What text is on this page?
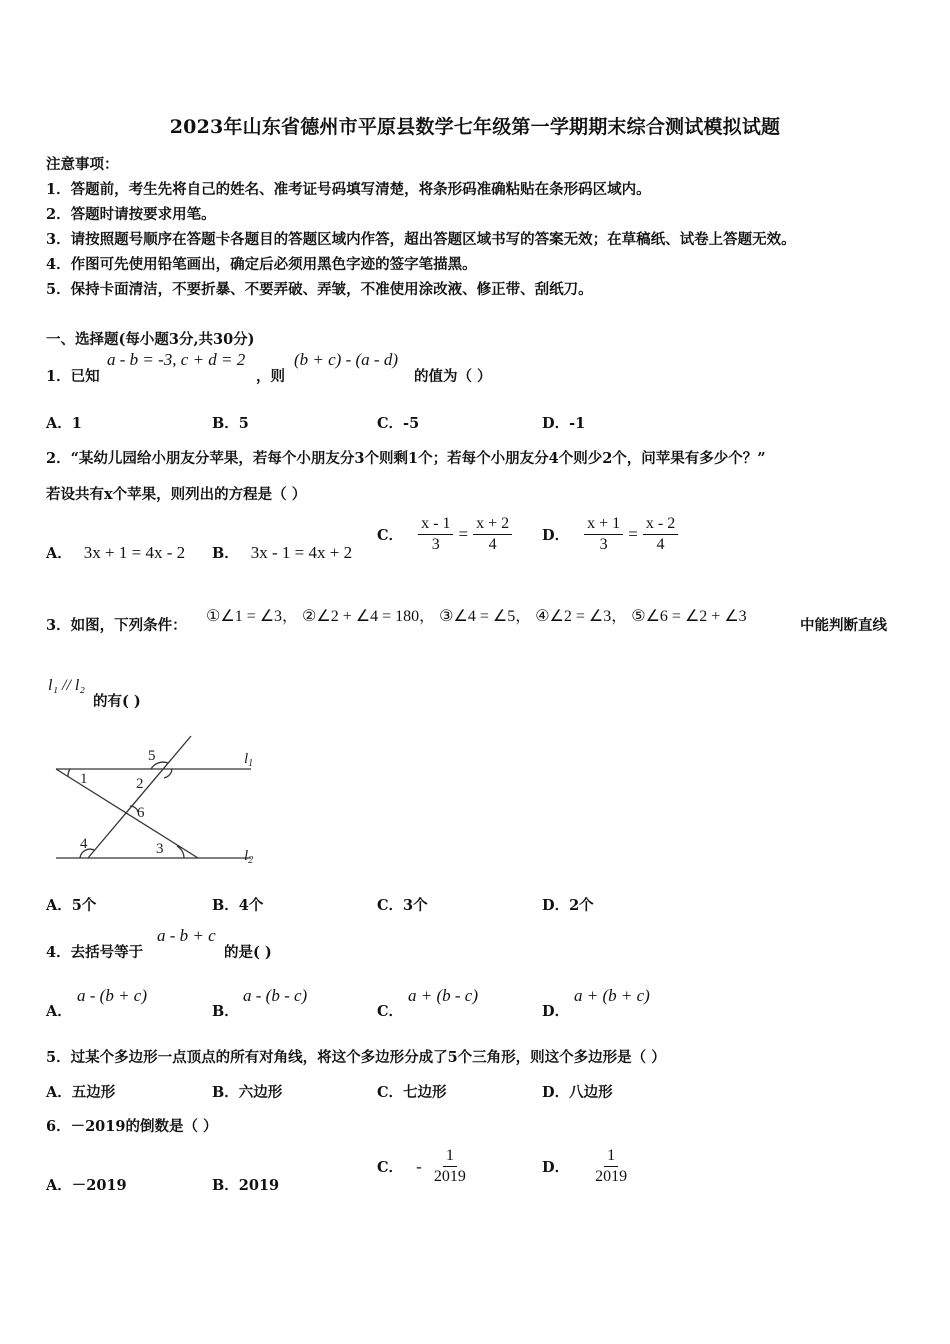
2023年山东省德州市平原县数学七年级第一学期期末综合测试模拟试题
注意事项：
1．答题前，考生先将自己的姓名、准考证号码填写清楚，将条形码准确粘贴在条形码区域内。
2．答题时请按要求用笔。
3．请按照题号顺序在答题卡各题目的答题区域内作答，超出答题区域书写的答案无效；在草稿纸、试卷上答题无效。
4．作图可先使用铅笔画出，确定后必须用黑色字迹的签字笔描黑。
5．保持卡面清洁，不要折暴、不要弄破、弄皱，不准使用涂改液、修正带、刮纸刀。
一、选择题(每小题3分,共30分)
1．已知
a - b = -3, c + d = 2
，则
(b + c) - (a - d)
的值为（ ）
A．1	B．5	C．-5	D．-1
2．“某幼儿园给小朋友分苹果，若每个小朋友分3个则剩1个；若每个小朋友分4个则少2个，问苹果有多少个？”
若设共有x个苹果，则列出的方程是（ ）
A． 3x + 1 = 4x - 2 B． 3x - 1 = 4x + 2
C． $\frac{x - 1}{3} = \frac{x + 2}{4}$ D． $\frac{x + 1}{3} = \frac{x - 2}{4}$
3．如图，下列条件：
①∠1 = ∠3， ②∠2 + ∠4 = 180， ③∠4 = ∠5， ④∠2 = ∠3， ⑤∠6 = ∠2 + ∠3
中能判断直线
l₁ // l₂
的有( )
5
1	2
6
4	3
$l_1$
$l_2$
A．5个	B．4个	C．3个	D．2个
4．去括号等于
a - b + c
的是( )
A．
a - (b + c)
B．
a - (b - c)
C．
a + (b - c)
D．
a + (b + c)
5．过某个多边形一点顶点的所有对角线，将这个多边形分成了5个三角形，则这个多边形是（ ）
A．五边形	B．六边形	C．七边形	D．八边形
6．－2019的倒数是（ ）
A．－2019	B．2019
C． - $\frac{1}{2019}$	D． $\frac{1}{2019}$
